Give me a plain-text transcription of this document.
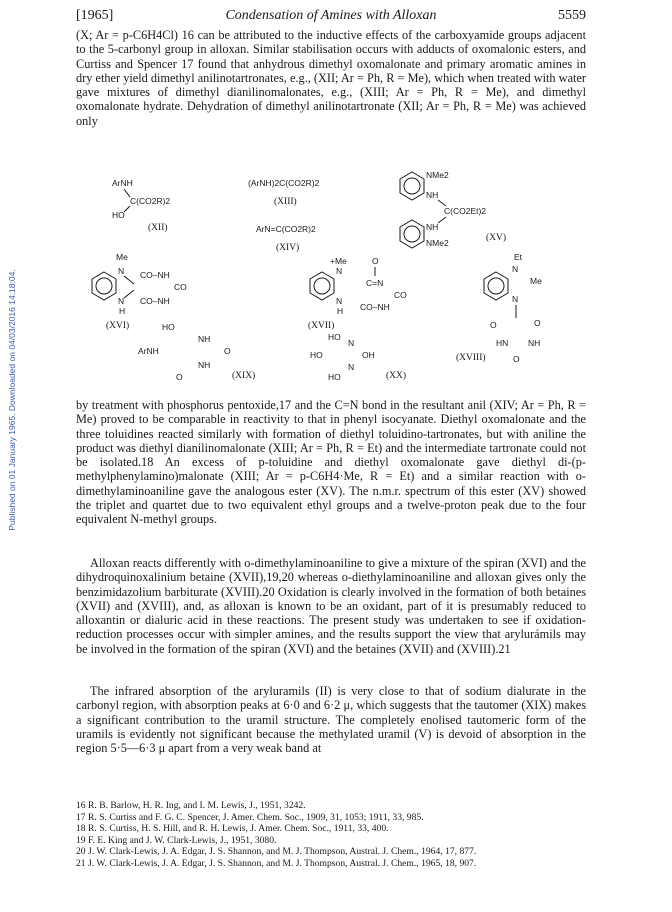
Published on 01 January 1965. Downloaded on 04/03/2016 14:18:04.
[1965]	Condensation of Amines with Alloxan	5559

(X; Ar = p-C6H4Cl) 16 can be attributed to the inductive effects of the carboxyamide groups adjacent to the 5-carbonyl group in alloxan. Similar stabilisation occurs with adducts of oxomalonic esters, and Curtiss and Spencer 17 found that anhydrous dimethyl oxomalonate and primary aromatic amines in dry ether yield dimethyl anilinotartronates, e.g., (XII; Ar = Ph, R = Me), which when treated with water gave mixtures of dimethyl dianilinomalonates, e.g., (XIII; Ar = Ph, R = Me), and dimethyl oxomalonate hydrate. Dehydration of dimethyl anilinotartronate (XII; Ar = Ph, R = Me) was achieved only

ArNH
C(CO2R)2
HO
(XII)
(ArNH)2C(CO2R)2
(XIII)
ArN=C(CO2R)2
(XIV)
NMe2
NH
C(CO2Et)2
NH
NMe2	(XV)
Me
N
N
H
CO–NH
CO
CO–NH
(XVI)
+Me
N
O
C=N
CO
N
H CO–NH
(XVII)
Et
N
Me
N
O	O
HN NH
O
(XVIII)
HO
NH
ArNH	O
NH
O	(XIX)
HO
N
HO	OH
N
HO	(XX)

by treatment with phosphorus pentoxide,17 and the C=N bond in the resultant anil (XIV; Ar = Ph, R = Me) proved to be comparable in reactivity to that in phenyl isocyanate. Diethyl oxomalonate and the three toluidines reacted similarly with formation of diethyl toluidino-tartronates, but with aniline the product was diethyl dianilinomalonate (XIII; Ar = Ph, R = Et) and the intermediate tartronate could not be isolated.18 An excess of p-toluidine and diethyl oxomalonate gave diethyl di-(p-methylphenylamino)malonate (XIII; Ar = p-C6H4·Me, R = Et) and a similar reaction with o-dimethylaminoaniline gave the analogous ester (XV). The n.m.r. spectrum of this ester (XV) showed the triplet and quartet due to two equivalent ethyl groups and a twelve-proton peak due to the four equivalent N-methyl groups.

Alloxan reacts differently with o-dimethylaminoaniline to give a mixture of the spiran (XVI) and the dihydroquinoxalinium betaine (XVII),19,20 whereas o-diethylaminoaniline and alloxan gives only the benzimidazolium barbiturate (XVIII).20 Oxidation is clearly involved in the formation of both betaines (XVII) and (XVIII), and, as alloxan is known to be an oxidant, part of it is presumably reduced to alloxantin or dialuric acid in these reactions. The present study was undertaken to see if oxidation-reduction processes occur with simpler amines, and the results support the view that arylurámils may be involved in the formation of the spiran (XVI) and the betaines (XVII) and (XVIII).21

The infrared absorption of the aryluramils (II) is very close to that of sodium dialurate in the carbonyl region, with absorption peaks at 6·0 and 6·2 μ, which suggests that the tautomer (XIX) makes a significant contribution to the uramil structure. The completely enolised tautomeric form of the uramils is evidently not significant because the methylated uramil (V) is devoid of absorption in the region 5·5—6·3 μ apart from a very weak band at

16 R. B. Barlow, H. R. Ing, and I. M. Lewis, J., 1951, 3242.

17 R. S. Curtiss and F. G. C. Spencer, J. Amer. Chem. Soc., 1909, 31, 1053; 1911, 33, 985.

18 R. S. Curtiss, H. S. Hill, and R. H. Lewis, J. Amer. Chem. Soc., 1911, 33, 400.

19 F. E. King and J. W. Clark-Lewis, J., 1951, 3080.

20 J. W. Clark-Lewis, J. A. Edgar, J. S. Shannon, and M. J. Thompson, Austral. J. Chem., 1964, 17, 877.

21 J. W. Clark-Lewis, J. A. Edgar, J. S. Shannon, and M. J. Thompson, Austral. J. Chem., 1965, 18, 907.
